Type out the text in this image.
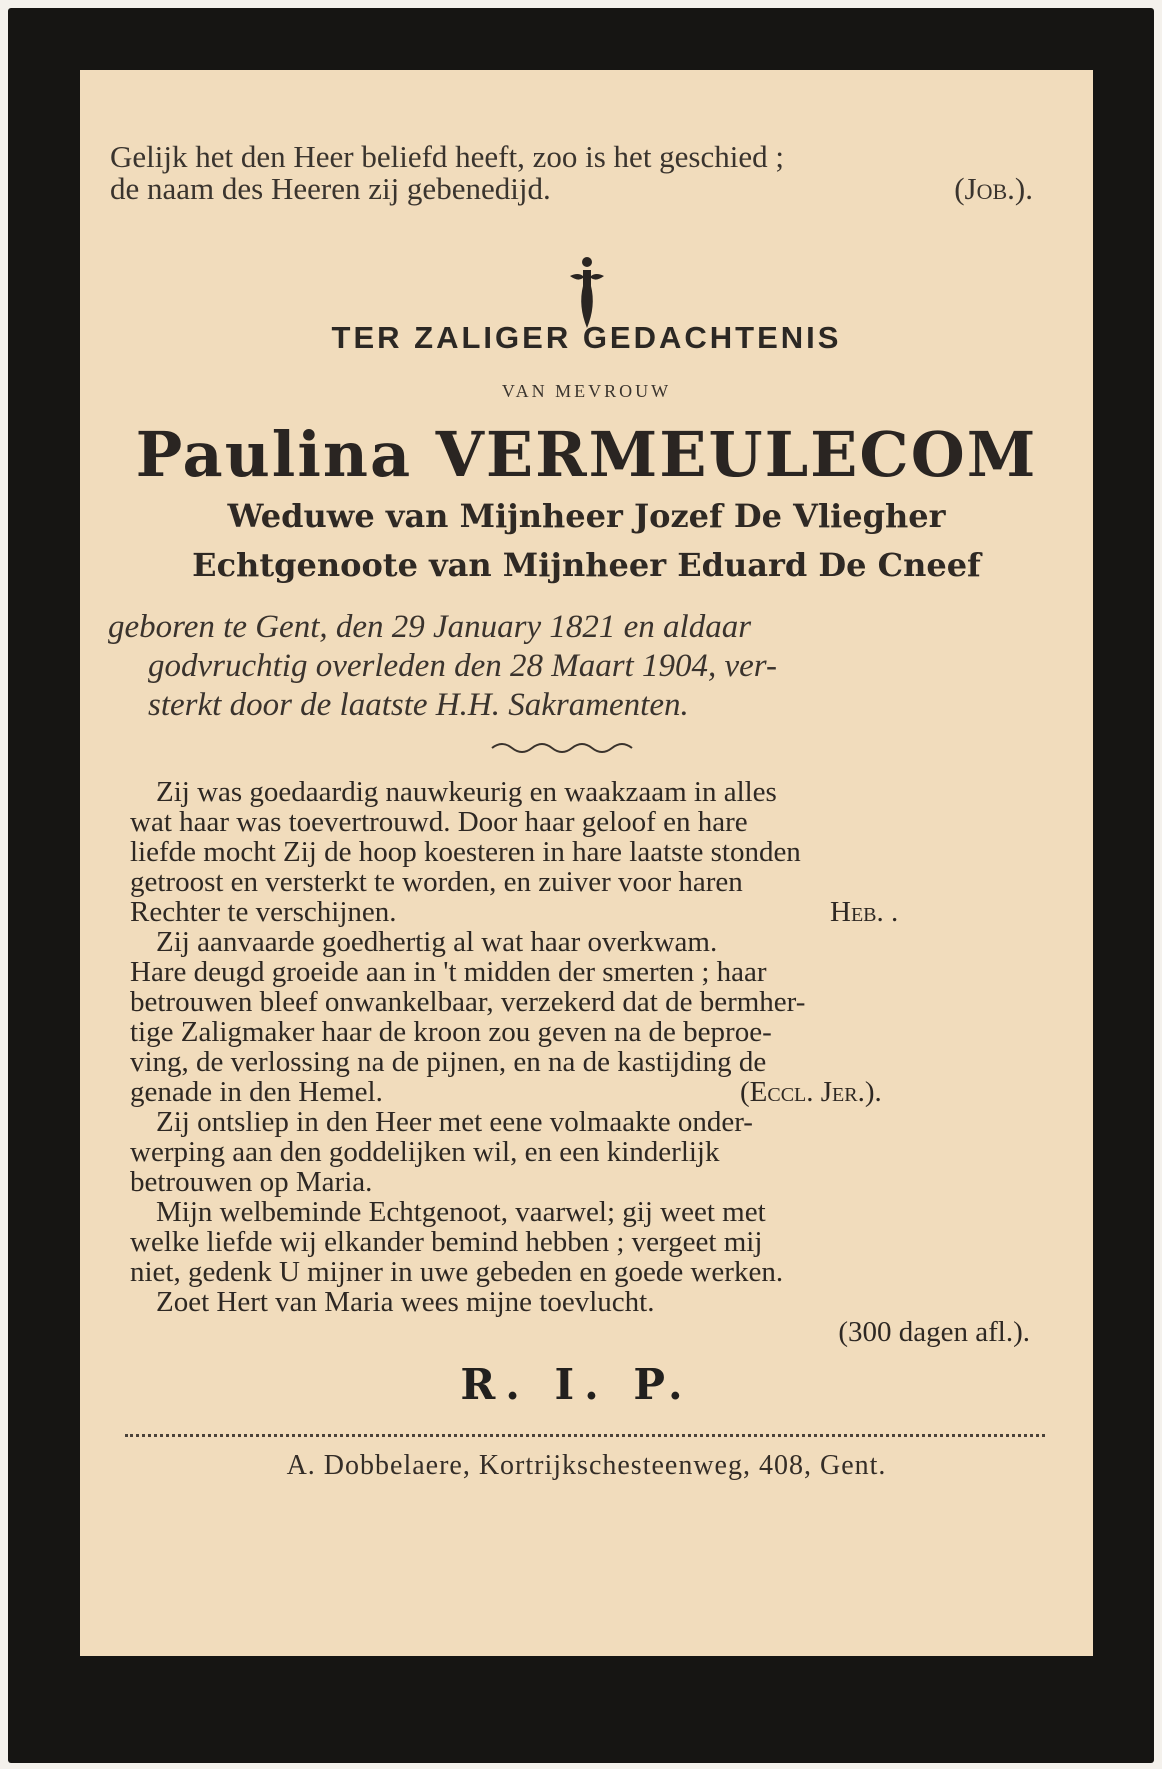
Gelijk het den Heer beliefd heeft, zoo is het geschied ;
de naam des Heeren zij gebenedijd.	(Job.).
TER ZALIGER GEDACHTENIS
VAN MEVROUW
Paulina VERMEULECOM
Weduwe van Mijnheer Jozef De Vliegher
Echtgenoote van Mijnheer Eduard De Cneef
geboren te Gent, den 29 January 1821 en aldaar
godvruchtig overleden den 28 Maart 1904, ver-
sterkt door de laatste H.H. Sakramenten.
Zij was goedaardig nauwkeurig en waakzaam in alles
wat haar was toevertrouwd. Door haar geloof en hare
liefde mocht Zij de hoop koesteren in hare laatste stonden
getroost en versterkt te worden, en zuiver voor haren
Rechter te verschijnen.	Heb. .
Zij aanvaarde goedhertig al wat haar overkwam.
Hare deugd groeide aan in 't midden der smerten ; haar
betrouwen bleef onwankelbaar, verzekerd dat de bermher-
tige Zaligmaker haar de kroon zou geven na de beproe-
ving, de verlossing na de pijnen, en na de kastijding de
genade in den Hemel.	(Eccl. Jer.).
Zij ontsliep in den Heer met eene volmaakte onder-
werping aan den goddelijken wil, en een kinderlijk
betrouwen op Maria.
Mijn welbeminde Echtgenoot, vaarwel; gij weet met
welke liefde wij elkander bemind hebben ; vergeet mij
niet, gedenk U mijner in uwe gebeden en goede werken.
Zoet Hert van Maria wees mijne toevlucht.
(300 dagen afl.).
R. I. P.
A. Dobbelaere, Kortrijkschesteenweg, 408, Gent.
